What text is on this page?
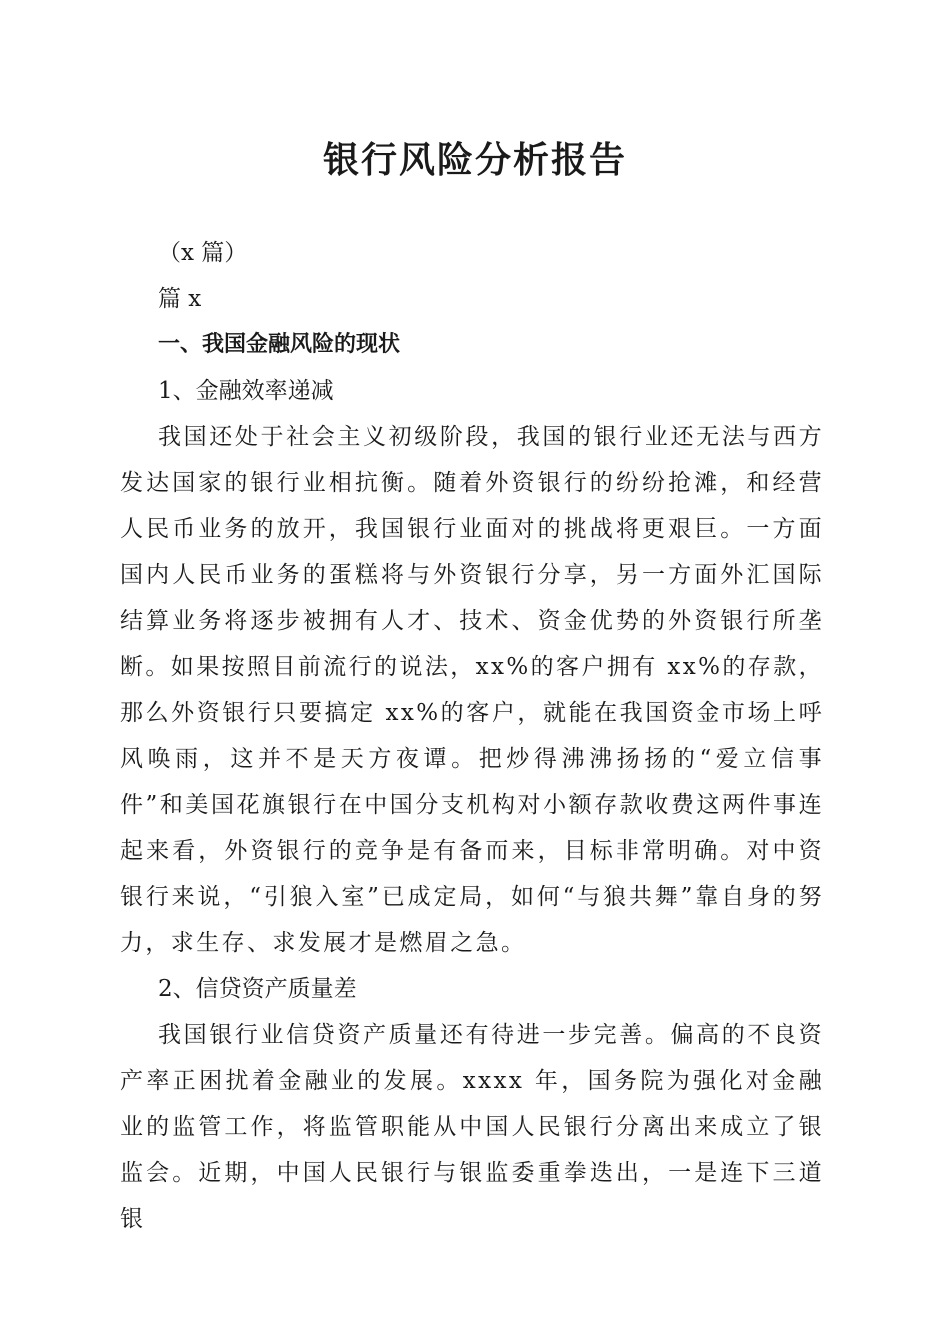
银行风险分析报告

（x 篇）

篇 x

一、我国金融风险的现状

1、金融效率递减

我国还处于社会主义初级阶段，我国的银行业还无法与西方发达国家的银行业相抗衡。随着外资银行的纷纷抢滩，和经营人民币业务的放开，我国银行业面对的挑战将更艰巨。一方面国内人民币业务的蛋糕将与外资银行分享，另一方面外汇国际结算业务将逐步被拥有人才、技术、资金优势的外资银行所垄断。如果按照目前流行的说法，xx%的客户拥有 xx%的存款，那么外资银行只要搞定 xx%的客户，就能在我国资金市场上呼风唤雨，这并不是天方夜谭。把炒得沸沸扬扬的“爱立信事件”和美国花旗银行在中国分支机构对小额存款收费这两件事连起来看，外资银行的竞争是有备而来，目标非常明确。对中资银行来说，“引狼入室”已成定局，如何“与狼共舞”靠自身的努力，求生存、求发展才是燃眉之急。

2、信贷资产质量差

我国银行业信贷资产质量还有待进一步完善。偏高的不良资产率正困扰着金融业的发展。xxxx 年，国务院为强化对金融业的监管工作，将监管职能从中国人民银行分离出来成立了银监会。近期，中国人民银行与银监委重拳迭出，一是连下三道银
